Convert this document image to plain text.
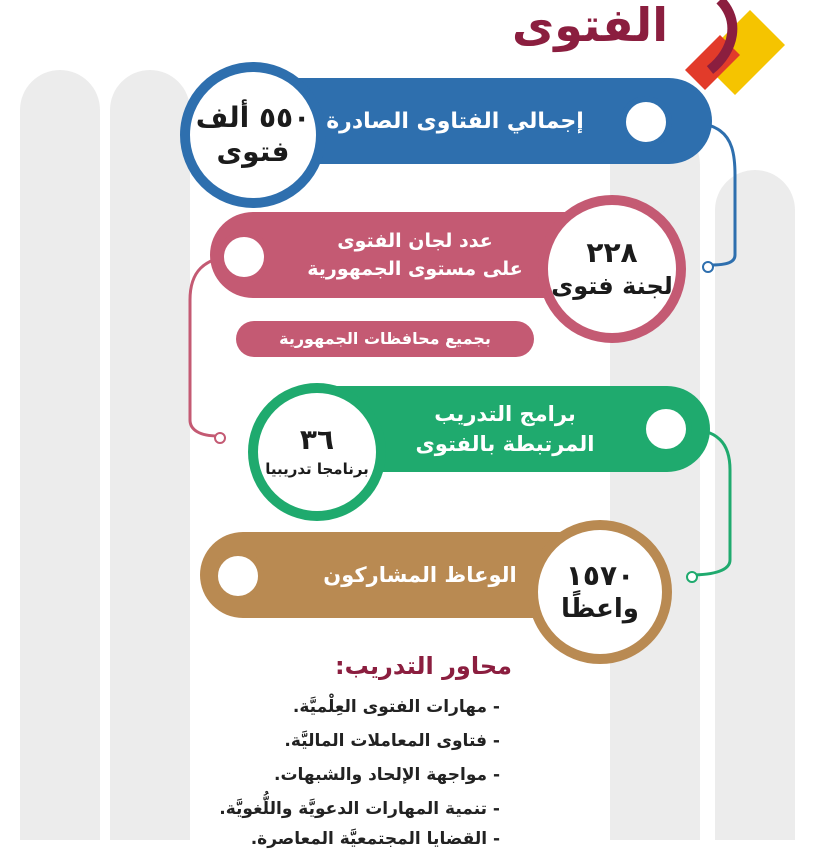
الفتوى
إجمالي الفتاوى الصادرة
٥٥٠ ألف
فتوى
عدد لجان الفتوى
على مستوى الجمهورية ٢٢٨
لجنة فتوى
بجميع محافظات الجمهورية
برامج التدريب
المرتبطة بالفتوى
٣٦
برنامجا تدريبيا
الوعاظ المشاركون ١٥٧٠
واعظًا
محاور التدريب:
- مهارات الفتوى العِلْميَّة.
- فتاوى المعاملات الماليَّة.
- مواجهة الإلحاد والشبهات.
- تنمية المهارات الدعويَّة واللُّغويَّة.
- القضايا المجتمعيَّة المعاصرة.
